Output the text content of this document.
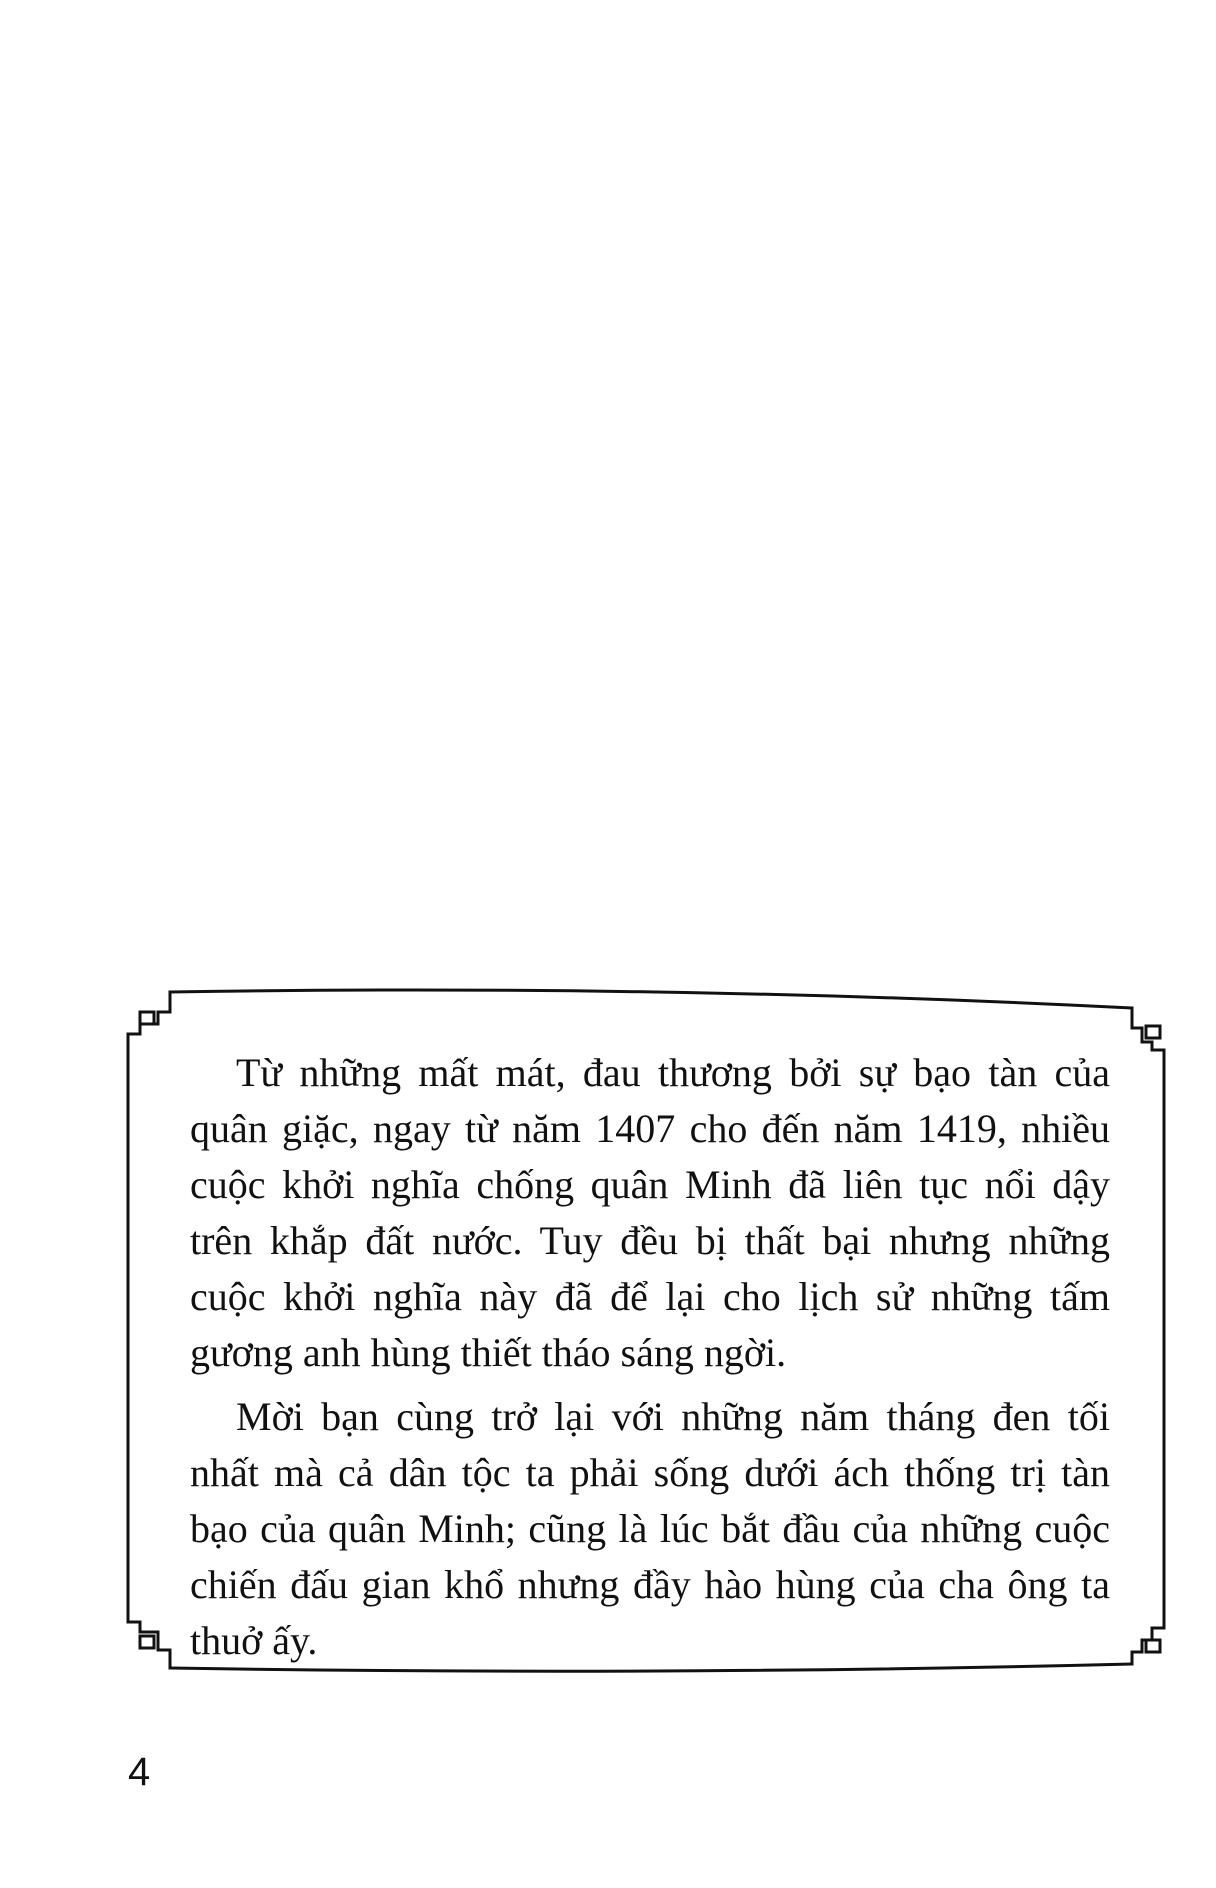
Từ những mất mát, đau thương bởi sự bạo tàn của quân giặc, ngay từ năm 1407 cho đến năm 1419, nhiều cuộc khởi nghĩa chống quân Minh đã liên tục nổi dậy trên khắp đất nước. Tuy đều bị thất bại nhưng những cuộc khởi nghĩa này đã để lại cho lịch sử những tấm gương anh hùng thiết tháo sáng ngời.

Mời bạn cùng trở lại với những năm tháng đen tối nhất mà cả dân tộc ta phải sống dưới ách thống trị tàn bạo của quân Minh; cũng là lúc bắt đầu của những cuộc chiến đấu gian khổ nhưng đầy hào hùng của cha ông ta thuở ấy.

4
